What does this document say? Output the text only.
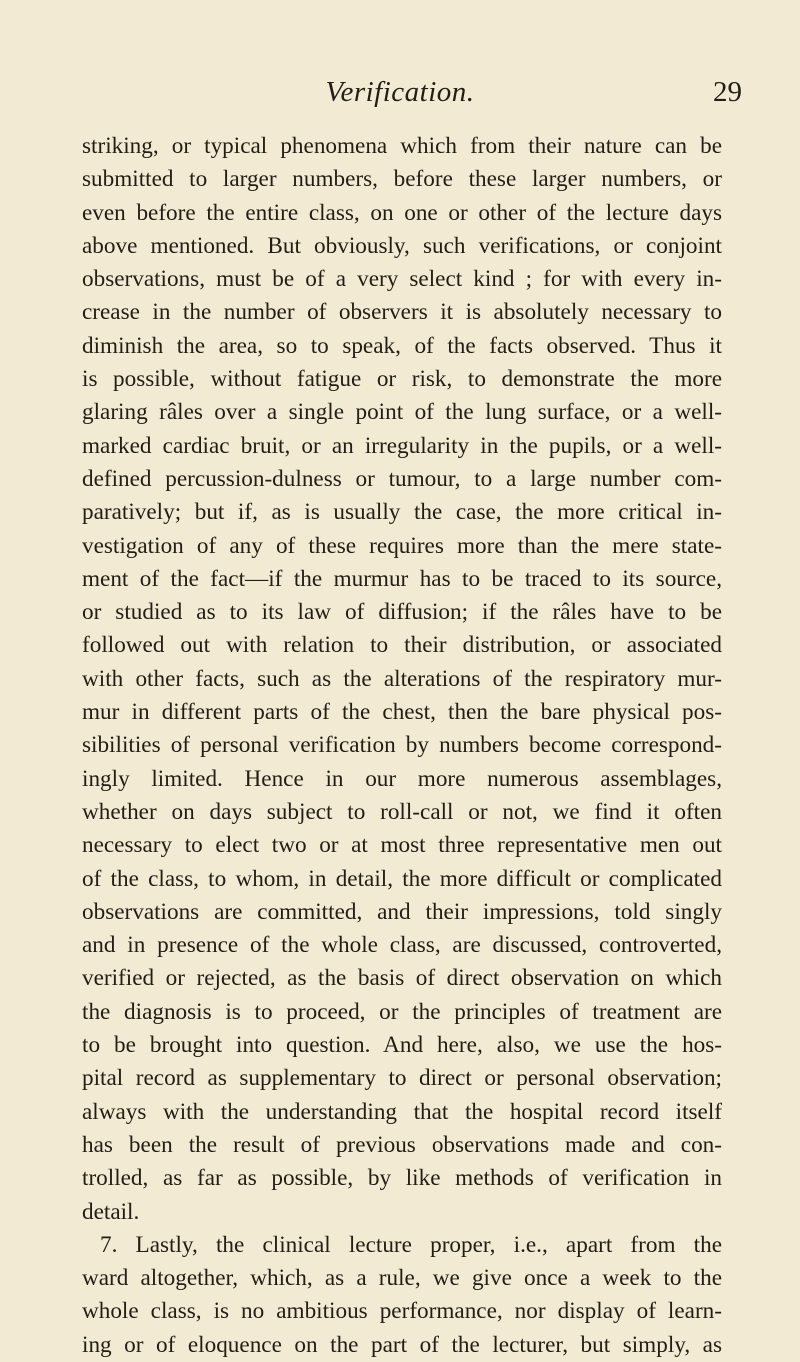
Verification.	29
striking, or typical phenomena which from their nature can be
submitted to larger numbers, before these larger numbers, or
even before the entire class, on one or other of the lecture days
above mentioned. But obviously, such verifications, or conjoint
observations, must be of a very select kind ; for with every in-
crease in the number of observers it is absolutely necessary to
diminish the area, so to speak, of the facts observed. Thus it
is possible, without fatigue or risk, to demonstrate the more
glaring râles over a single point of the lung surface, or a well-
marked cardiac bruit, or an irregularity in the pupils, or a well-
defined percussion-dulness or tumour, to a large number com-
paratively; but if, as is usually the case, the more critical in-
vestigation of any of these requires more than the mere state-
ment of the fact—if the murmur has to be traced to its source,
or studied as to its law of diffusion; if the râles have to be
followed out with relation to their distribution, or associated
with other facts, such as the alterations of the respiratory mur-
mur in different parts of the chest, then the bare physical pos-
sibilities of personal verification by numbers become correspond-
ingly limited. Hence in our more numerous assemblages,
whether on days subject to roll-call or not, we find it often
necessary to elect two or at most three representative men out
of the class, to whom, in detail, the more difficult or complicated
observations are committed, and their impressions, told singly
and in presence of the whole class, are discussed, controverted,
verified or rejected, as the basis of direct observation on which
the diagnosis is to proceed, or the principles of treatment are
to be brought into question. And here, also, we use the hos-
pital record as supplementary to direct or personal observation;
always with the understanding that the hospital record itself
has been the result of previous observations made and con-
trolled, as far as possible, by like methods of verification in
detail.
7. Lastly, the clinical lecture proper, i.e., apart from the
ward altogether, which, as a rule, we give once a week to the
whole class, is no ambitious performance, nor display of learn-
ing or of eloquence on the part of the lecturer, but simply, as
